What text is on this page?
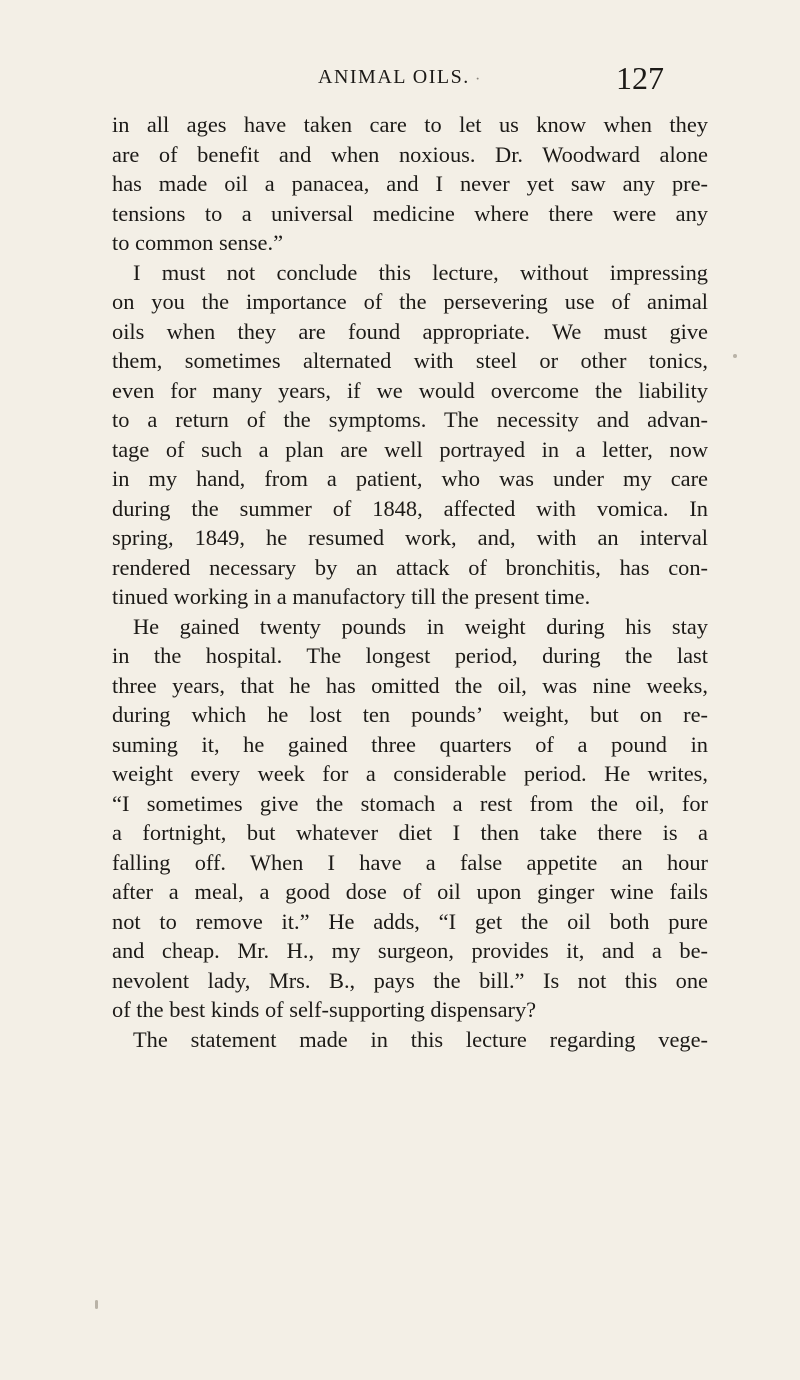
ANIMAL OILS. ·	127
in all ages have taken care to let us know when they
are of benefit and when noxious. Dr. Woodward alone
has made oil a panacea, and I never yet saw any pre-
tensions to a universal medicine where there were any
to common sense.”
I must not conclude this lecture, without impressing
on you the importance of the persevering use of animal
oils when they are found appropriate. We must give
them, sometimes alternated with steel or other tonics,
even for many years, if we would overcome the liability
to a return of the symptoms. The necessity and advan-
tage of such a plan are well portrayed in a letter, now
in my hand, from a patient, who was under my care
during the summer of 1848, affected with vomica. In
spring, 1849, he resumed work, and, with an interval
rendered necessary by an attack of bronchitis, has con-
tinued working in a manufactory till the present time.
He gained twenty pounds in weight during his stay
in the hospital. The longest period, during the last
three years, that he has omitted the oil, was nine weeks,
during which he lost ten pounds’ weight, but on re-
suming it, he gained three quarters of a pound in
weight every week for a considerable period. He writes,
“I sometimes give the stomach a rest from the oil, for
a fortnight, but whatever diet I then take there is a
falling off. When I have a false appetite an hour
after a meal, a good dose of oil upon ginger wine fails
not to remove it.” He adds, “I get the oil both pure
and cheap. Mr. H., my surgeon, provides it, and a be-
nevolent lady, Mrs. B., pays the bill.” Is not this one
of the best kinds of self-supporting dispensary?
The statement made in this lecture regarding vege-
